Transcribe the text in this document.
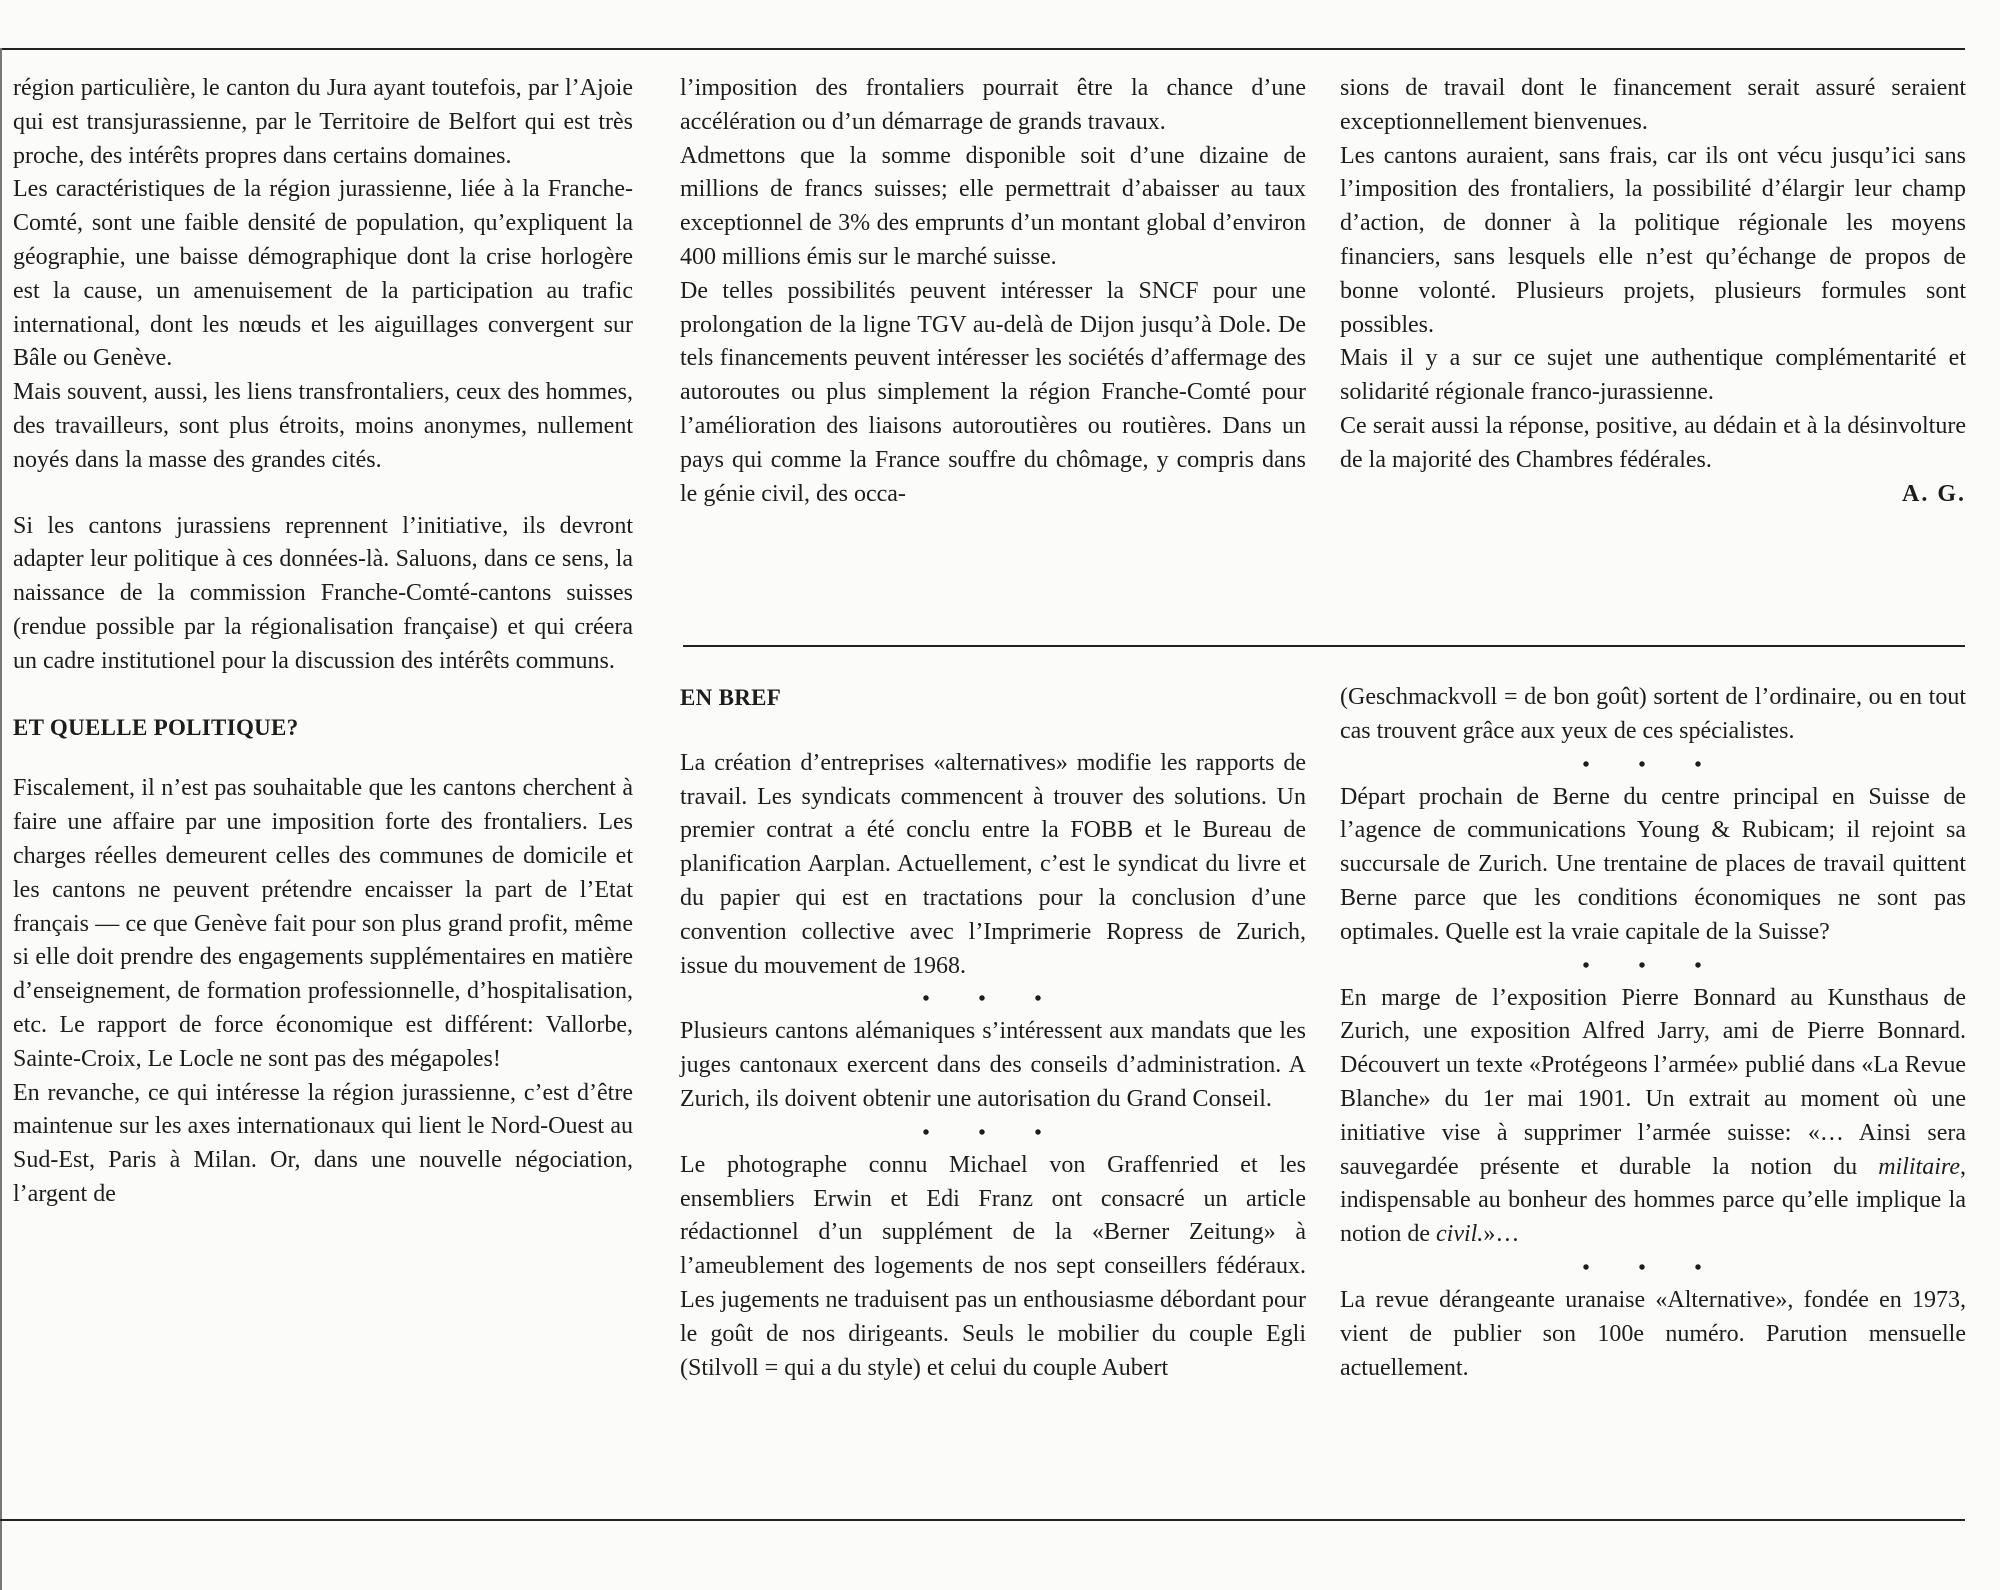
région particulière, le canton du Jura ayant toutefois, par l’Ajoie qui est transjurassienne, par le Territoire de Belfort qui est très proche, des intérêts propres dans certains domaines.

Les caractéristiques de la région jurassienne, liée à la Franche-Comté, sont une faible densité de population, qu’expliquent la géographie, une baisse démographique dont la crise horlogère est la cause, un amenuisement de la participation au trafic international, dont les nœuds et les aiguillages convergent sur Bâle ou Genève.

Mais souvent, aussi, les liens transfrontaliers, ceux des hommes, des travailleurs, sont plus étroits, moins anonymes, nullement noyés dans la masse des grandes cités.

Si les cantons jurassiens reprennent l’initiative, ils devront adapter leur politique à ces données-là. Saluons, dans ce sens, la naissance de la commission Franche-Comté-cantons suisses (rendue possible par la régionalisation française) et qui créera un cadre institutionel pour la discussion des intérêts communs.

ET QUELLE POLITIQUE?

Fiscalement, il n’est pas souhaitable que les cantons cherchent à faire une affaire par une imposition forte des frontaliers. Les charges réelles demeurent celles des communes de domicile et les cantons ne peuvent prétendre encaisser la part de l’Etat français — ce que Genève fait pour son plus grand profit, même si elle doit prendre des engagements supplémentaires en matière d’enseignement, de formation professionnelle, d’hospitalisation, etc. Le rapport de force économique est différent: Vallorbe, Sainte-Croix, Le Locle ne sont pas des mégapoles!

En revanche, ce qui intéresse la région jurassienne, c’est d’être maintenue sur les axes internationaux qui lient le Nord-Ouest au Sud-Est, Paris à Milan. Or, dans une nouvelle négociation, l’argent de

l’imposition des frontaliers pourrait être la chance d’une accélération ou d’un démarrage de grands travaux.

Admettons que la somme disponible soit d’une dizaine de millions de francs suisses; elle permettrait d’abaisser au taux exceptionnel de 3% des emprunts d’un montant global d’environ 400 millions émis sur le marché suisse.

De telles possibilités peuvent intéresser la SNCF pour une prolongation de la ligne TGV au-delà de Dijon jusqu’à Dole. De tels financements peuvent intéresser les sociétés d’affermage des autoroutes ou plus simplement la région Franche-Comté pour l’amélioration des liaisons autoroutières ou routières. Dans un pays qui comme la France souffre du chômage, y compris dans le génie civil, des occa-

sions de travail dont le financement serait assuré seraient exceptionnellement bienvenues.

Les cantons auraient, sans frais, car ils ont vécu jusqu’ici sans l’imposition des frontaliers, la possibilité d’élargir leur champ d’action, de donner à la politique régionale les moyens financiers, sans lesquels elle n’est qu’échange de propos de bonne volonté. Plusieurs projets, plusieurs formules sont possibles.

Mais il y a sur ce sujet une authentique complémentarité et solidarité régionale franco-jurassienne.

Ce serait aussi la réponse, positive, au dédain et à la désinvolture de la majorité des Chambres fédérales.

A. G.

EN BREF

La création d’entreprises «alternatives» modifie les rapports de travail. Les syndicats commencent à trouver des solutions. Un premier contrat a été conclu entre la FOBB et le Bureau de planification Aarplan. Actuellement, c’est le syndicat du livre et du papier qui est en tractations pour la conclusion d’une convention collective avec l’Imprimerie Ropress de Zurich, issue du mouvement de 1968.

• • •

Plusieurs cantons alémaniques s’intéressent aux mandats que les juges cantonaux exercent dans des conseils d’administration. A Zurich, ils doivent obtenir une autorisation du Grand Conseil.

• • •

Le photographe connu Michael von Graffenried et les ensembliers Erwin et Edi Franz ont consacré un article rédactionnel d’un supplément de la «Berner Zeitung» à l’ameublement des logements de nos sept conseillers fédéraux. Les jugements ne traduisent pas un enthousiasme débordant pour le goût de nos dirigeants. Seuls le mobilier du couple Egli (Stilvoll = qui a du style) et celui du couple Aubert

(Geschmackvoll = de bon goût) sortent de l’ordinaire, ou en tout cas trouvent grâce aux yeux de ces spécialistes.

• • •

Départ prochain de Berne du centre principal en Suisse de l’agence de communications Young & Rubicam; il rejoint sa succursale de Zurich. Une trentaine de places de travail quittent Berne parce que les conditions économiques ne sont pas optimales. Quelle est la vraie capitale de la Suisse?

• • •

En marge de l’exposition Pierre Bonnard au Kunsthaus de Zurich, une exposition Alfred Jarry, ami de Pierre Bonnard. Découvert un texte «Protégeons l’armée» publié dans «La Revue Blanche» du 1er mai 1901. Un extrait au moment où une initiative vise à supprimer l’armée suisse: «… Ainsi sera sauvegardée présente et durable la notion du militaire, indispensable au bonheur des hommes parce qu’elle implique la notion de civil.»…

• • •

La revue dérangeante uranaise «Alternative», fondée en 1973, vient de publier son 100e numéro. Parution mensuelle actuellement.
